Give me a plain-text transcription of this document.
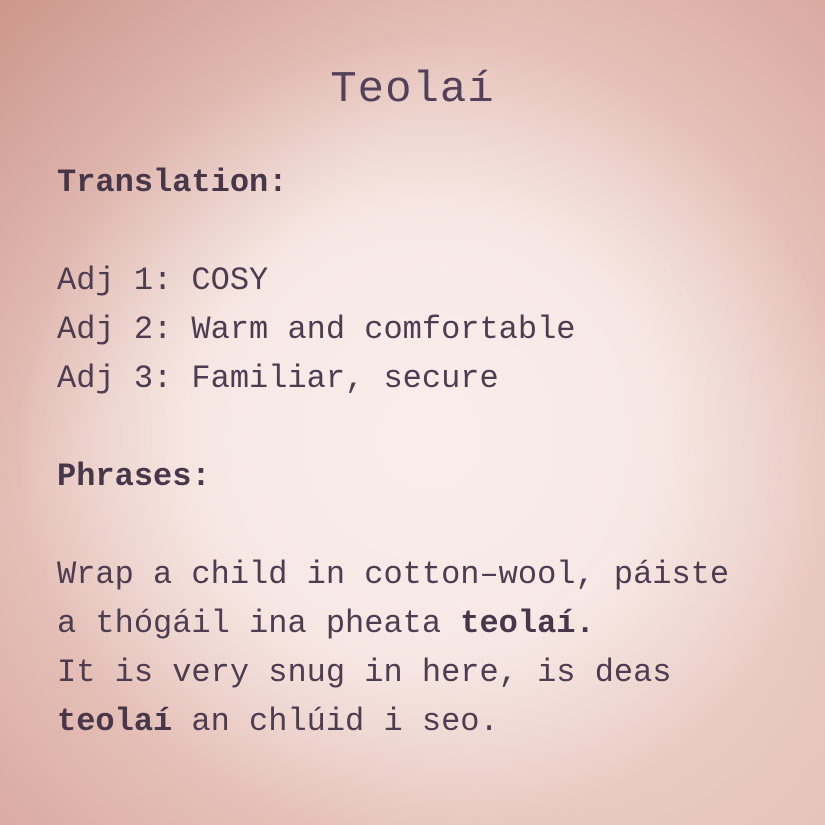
Teolaí

Translation:

Adj 1: COSY

Adj 2: Warm and comfortable

Adj 3: Familiar, secure

Phrases:

Wrap a child in cotton–wool, páiste

a thógáil ina pheata teolaí.

It is very snug in here, is deas

teolaí an chlúid i seo.
